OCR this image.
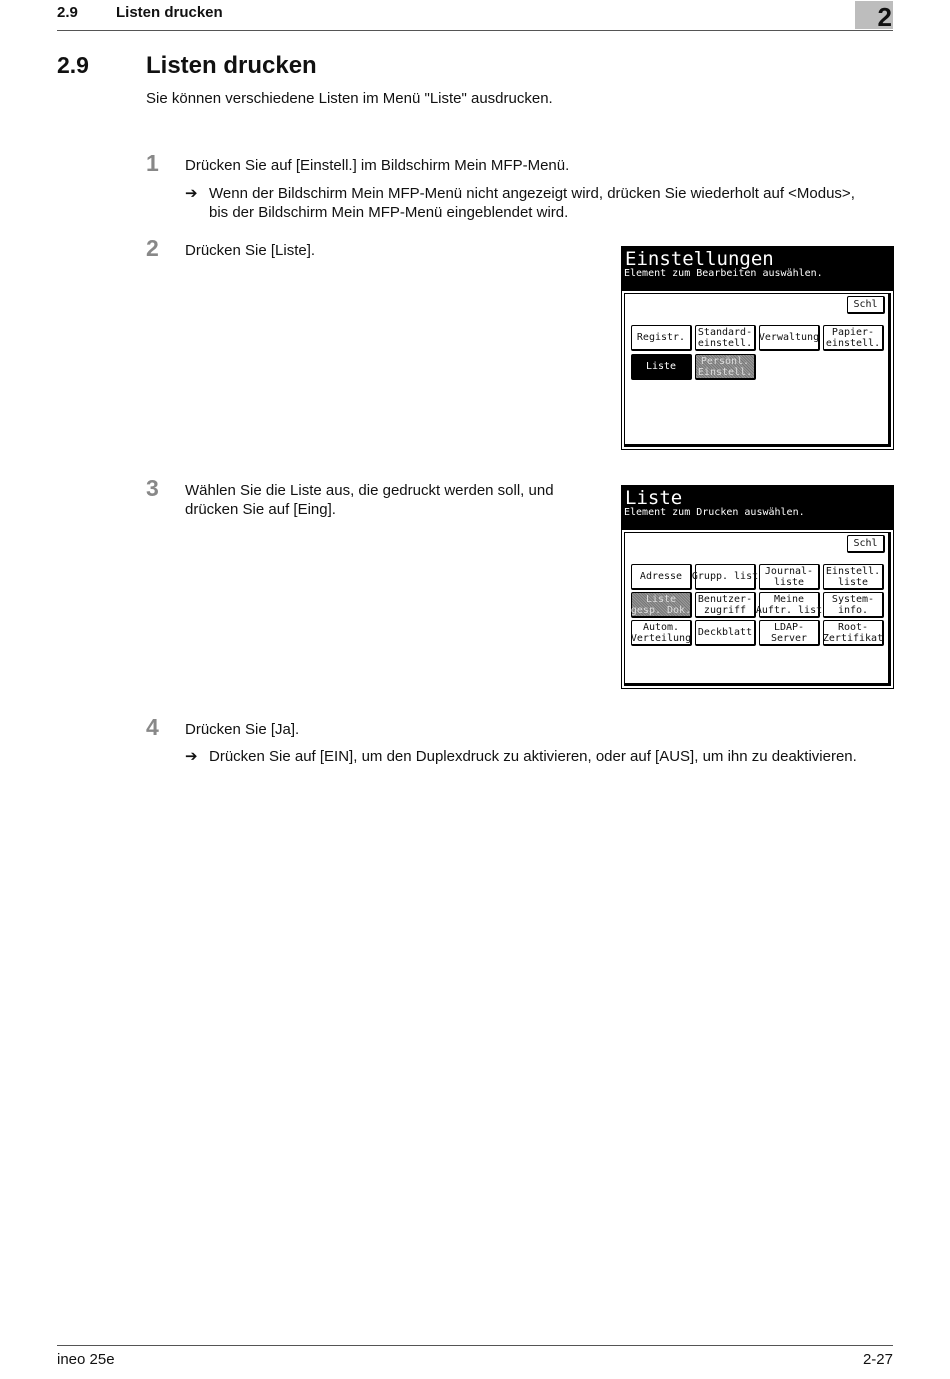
2.9	Listen drucken	2
2.9 Listen drucken
Sie können verschiedene Listen im Menü "Liste" ausdrucken.
1 Drücken Sie auf [Einstell.] im Bildschirm Mein MFP-Menü.
➔ Wenn der Bildschirm Mein MFP-Menü nicht angezeigt wird, drücken Sie wiederholt auf <Modus>,
bis der Bildschirm Mein MFP-Menü eingeblendet wird.
2 Drücken Sie [Liste].	Einstellungen
Element zum Bearbeiten auswählen.
Schl
Registr.	Standard-
einstell. Verwaltung	Papier-
einstell.
Liste	Persönl.
Einstell.
3 Wählen Sie die Liste aus, die gedruckt werden soll, und
drücken Sie auf [Eing].
Liste
Element zum Drucken auswählen.
Schl
Adresse Grupp. list Journal-
liste
Einstell.
liste
Liste
gesp. Dok.
Benutzer-
zugriff
Meine
Auftr. list
System-
info.
Autom.
Verteilung Deckblatt	LDAP-
Server
Root-
Zertifikat
4 Drücken Sie [Ja].
➔ Drücken Sie auf [EIN], um den Duplexdruck zu aktivieren, oder auf [AUS], um ihn zu deaktivieren.
ineo 25e	2-27
